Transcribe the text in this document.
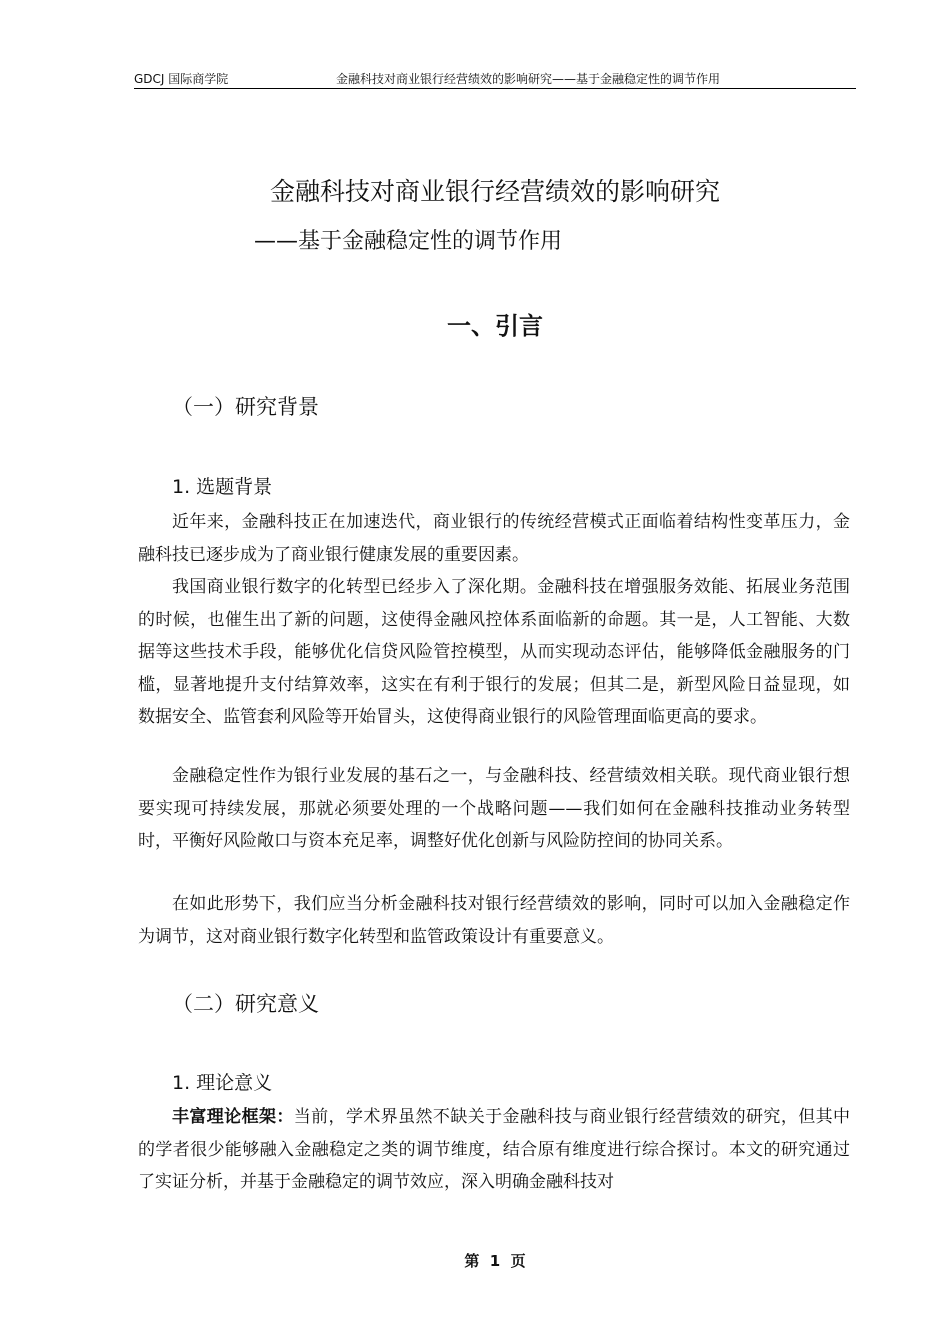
GDCJ 国际商学院	金融科技对商业银行经营绩效的影响研究——基于金融稳定性的调节作用
金融科技对商业银行经营绩效的影响研究
——基于金融稳定性的调节作用
一、引言
（一）研究背景
1. 选题背景

近年来，金融科技正在加速迭代，商业银行的传统经营模式正面临着结构性变革压力，金融科技已逐步成为了商业银行健康发展的重要因素。

我国商业银行数字的化转型已经步入了深化期。金融科技在增强服务效能、拓展业务范围的时候，也催生出了新的问题，这使得金融风控体系面临新的命题。其一是，人工智能、大数据等这些技术手段，能够优化信贷风险管控模型，从而实现动态评估，能够降低金融服务的门槛，显著地提升支付结算效率，这实在有利于银行的发展；但其二是，新型风险日益显现，如数据安全、监管套利风险等开始冒头，这使得商业银行的风险管理面临更高的要求。

金融稳定性作为银行业发展的基石之一，与金融科技、经营绩效相关联。现代商业银行想要实现可持续发展，那就必须要处理的一个战略问题——我们如何在金融科技推动业务转型时，平衡好风险敞口与资本充足率，调整好优化创新与风险防控间的协同关系。

在如此形势下，我们应当分析金融科技对银行经营绩效的影响，同时可以加入金融稳定作为调节，这对商业银行数字化转型和监管政策设计有重要意义。

（二）研究意义
1. 理论意义

丰富理论框架：当前，学术界虽然不缺关于金融科技与商业银行经营绩效的研究，但其中的学者很少能够融入金融稳定之类的调节维度，结合原有维度进行综合探讨。本文的研究通过了实证分析，并基于金融稳定的调节效应，深入明确金融科技对

第  1  页
